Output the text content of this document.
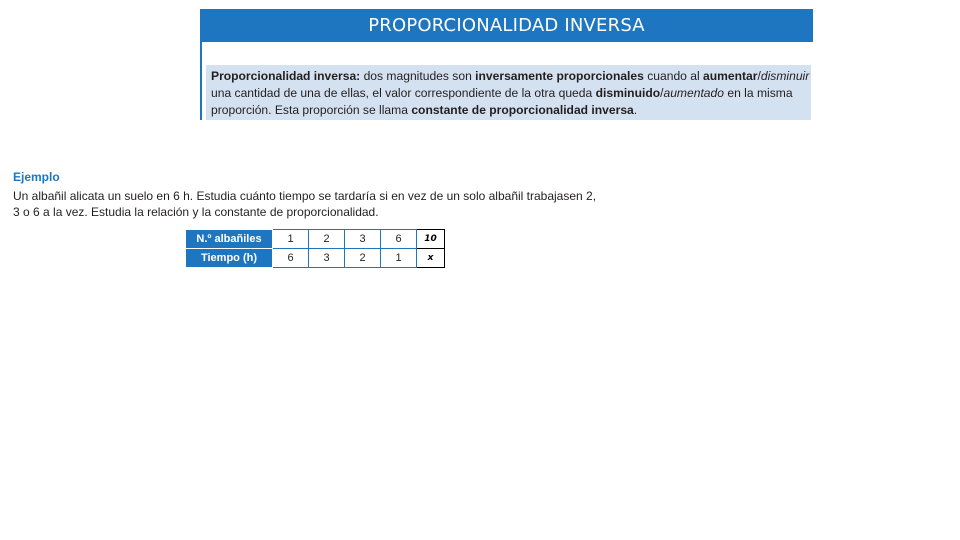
PROPORCIONALIDAD INVERSA
Proporcionalidad inversa: dos magnitudes son inversamente proporcionales cuando al aumentar/disminuir una cantidad de una de ellas, el valor correspondiente de la otra queda disminuido/aumentado en la misma proporción. Esta proporción se llama constante de proporcionalidad inversa.
Ejemplo
Un albañil alicata un suelo en 6 h. Estudia cuánto tiempo se tardaría si en vez de un solo albañil trabajasen 2,
3 o 6 a la vez. Estudia la relación y la constante de proporcionalidad.
N.º albañiles	1	2	3	6	10
Tiempo (h)	6	3	2	1	x
